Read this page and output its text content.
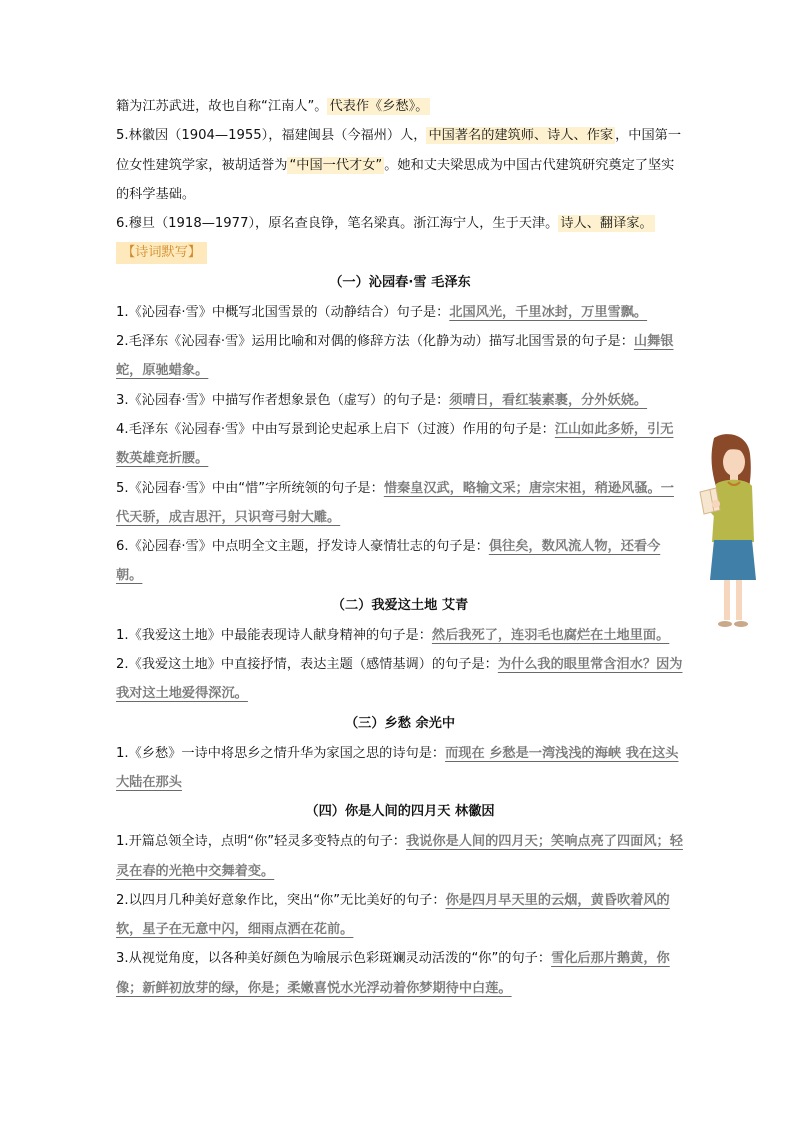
籍为江苏武进，故也自称“江南人”。 代表作《乡愁》。

5.林徽因（1904—1955），福建闽县（今福州）人， 中国著名的建筑师、诗人、作家 ，中国第一位女性建筑学家，被胡适誉为 “中国一代才女” 。她和丈夫梁思成为中国古代建筑研究奠定了坚实的科学基础。

6.穆旦（1918—1977），原名查良铮，笔名梁真。浙江海宁人，生于天津。 诗人、翻译家。

【诗词默写】

（一）沁园春·雪 毛泽东

1.《沁园春·雪》中概写北国雪景的（动静结合）句子是：北国风光，千里冰封，万里雪飘。

2.毛泽东《沁园春·雪》运用比喻和对偶的修辞方法（化静为动）描写北国雪景的句子是：山舞银蛇，原驰蜡象。

3.《沁园春·雪》中描写作者想象景色（虚写）的句子是：须晴日，看红装素裹，分外妖娆。

4.毛泽东《沁园春·雪》中由写景到论史起承上启下（过渡）作用的句子是：江山如此多娇，引无数英雄竞折腰。

5.《沁园春·雪》中由“惜”字所统领的句子是：惜秦皇汉武，略输文采；唐宗宋祖，稍逊风骚。一代天骄，成吉思汗，只识弯弓射大雕。

6.《沁园春·雪》中点明全文主题，抒发诗人豪情壮志的句子是：俱往矣，数风流人物，还看今朝。

（二）我爱这土地 艾青

1.《我爱这土地》中最能表现诗人献身精神的句子是：然后我死了，连羽毛也腐烂在土地里面。

2.《我爱这土地》中直接抒情，表达主题（感情基调）的句子是：为什么我的眼里常含泪水？因为我对这土地爱得深沉。

（三）乡愁 余光中

1.《乡愁》一诗中将思乡之情升华为家国之思的诗句是：而现在 乡愁是一湾浅浅的海峡 我在这头 大陆在那头

（四）你是人间的四月天 林徽因

1.开篇总领全诗，点明“你”轻灵多变特点的句子：我说你是人间的四月天；笑响点亮了四面风；轻灵在春的光艳中交舞着变。

2.以四月几种美好意象作比，突出“你”无比美好的句子：你是四月早天里的云烟，黄昏吹着风的软，星子在无意中闪，细雨点洒在花前。

3.从视觉角度，以各种美好颜色为喻展示色彩斑斓灵动活泼的“你”的句子：雪化后那片鹅黄，你像；新鲜初放芽的绿，你是；柔嫩喜悦水光浮动着你梦期待中白莲。
